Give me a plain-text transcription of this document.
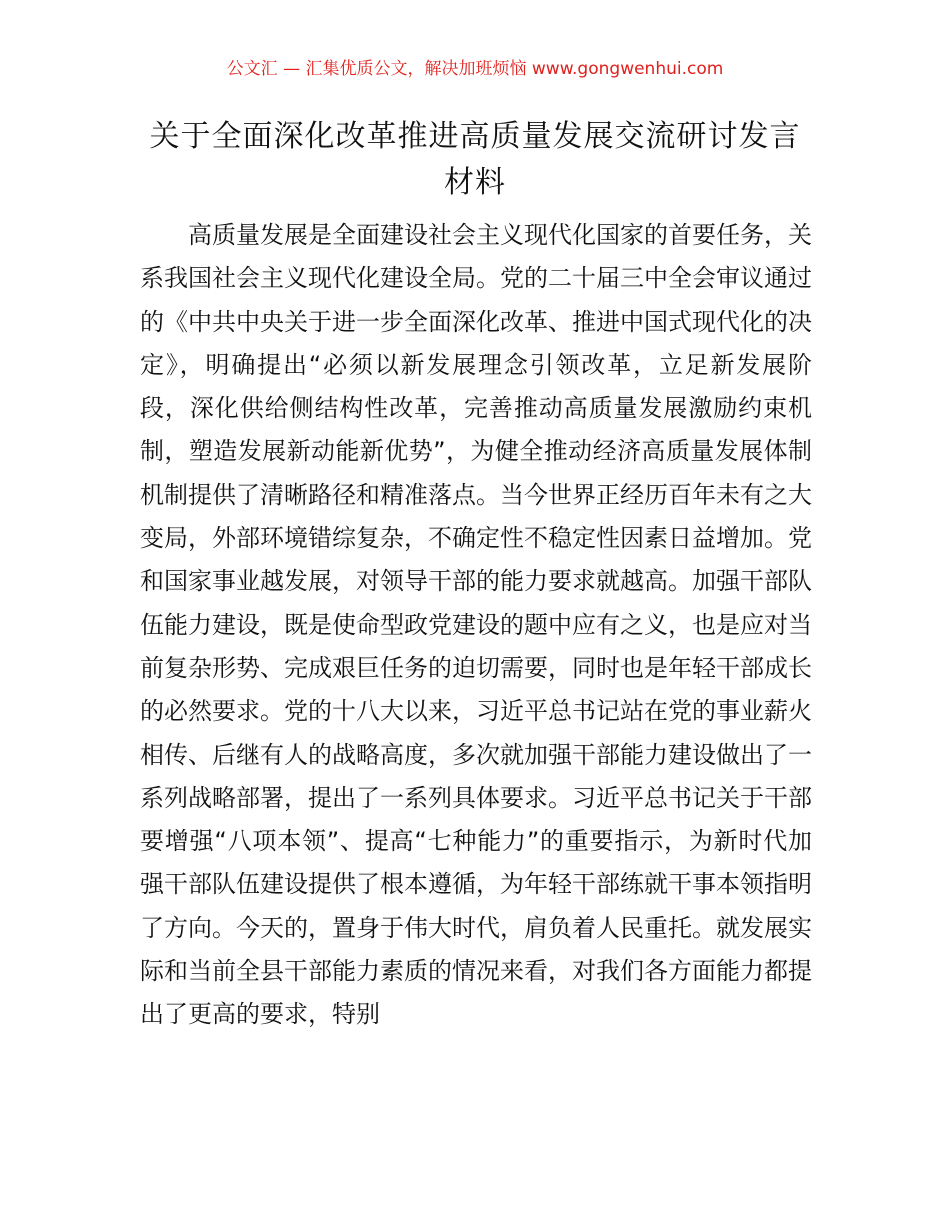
公文汇 — 汇集优质公文，解决加班烦恼 www.gongwenhui.com
关于全面深化改革推进高质量发展交流研讨发言材料

高质量发展是全面建设社会主义现代化国家的首要任务，关系我国社会主义现代化建设全局。党的二十届三中全会审议通过的《中共中央关于进一步全面深化改革、推进中国式现代化的决定》，明确提出“必须以新发展理念引领改革，立足新发展阶段，深化供给侧结构性改革，完善推动高质量发展激励约束机制，塑造发展新动能新优势”，为健全推动经济高质量发展体制机制提供了清晰路径和精准落点。当今世界正经历百年未有之大变局，外部环境错综复杂，不确定性不稳定性因素日益增加。党和国家事业越发展，对领导干部的能力要求就越高。加强干部队伍能力建设，既是使命型政党建设的题中应有之义，也是应对当前复杂形势、完成艰巨任务的迫切需要，同时也是年轻干部成长的必然要求。党的十八大以来，习近平总书记站在党的事业薪火相传、后继有人的战略高度，多次就加强干部能力建设做出了一系列战略部署，提出了一系列具体要求。习近平总书记关于干部要增强“八项本领”、提高“七种能力”的重要指示，为新时代加强干部队伍建设提供了根本遵循，为年轻干部练就干事本领指明了方向。今天的，置身于伟大时代，肩负着人民重托。就发展实际和当前全县干部能力素质的情况来看，对我们各方面能力都提出了更高的要求，特别
